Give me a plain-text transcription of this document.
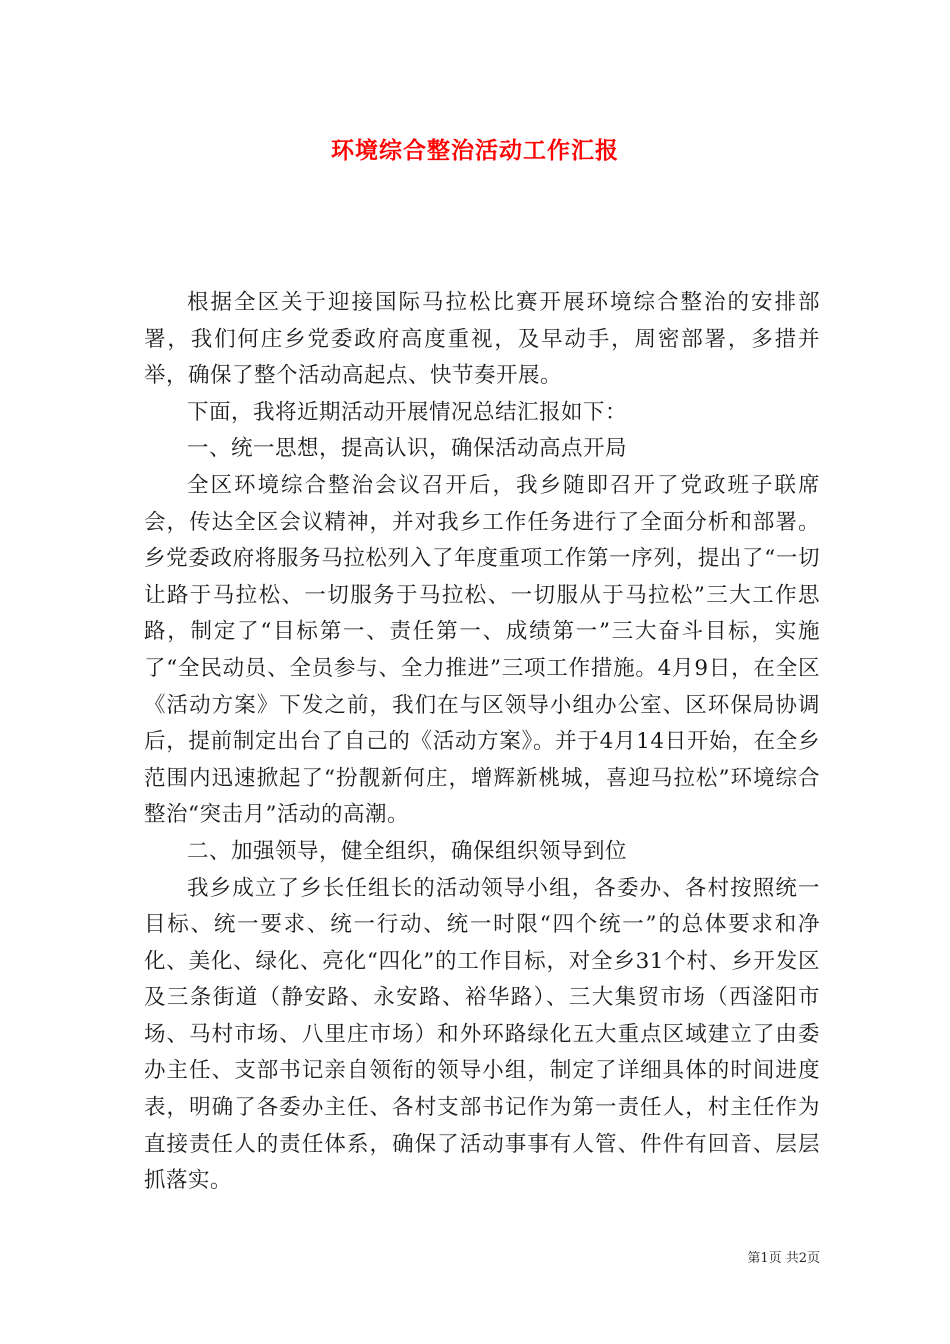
环境综合整治活动工作汇报

根据全区关于迎接国际马拉松比赛开展环境综合整治的安排部署，我们何庄乡党委政府高度重视，及早动手，周密部署，多措并举，确保了整个活动高起点、快节奏开展。

下面，我将近期活动开展情况总结汇报如下：

一、统一思想，提高认识，确保活动高点开局

全区环境综合整治会议召开后，我乡随即召开了党政班子联席会，传达全区会议精神，并对我乡工作任务进行了全面分析和部署。乡党委政府将服务马拉松列入了年度重项工作第一序列，提出了“一切让路于马拉松、一切服务于马拉松、一切服从于马拉松”三大工作思路，制定了“目标第一、责任第一、成绩第一”三大奋斗目标，实施了“全民动员、全员参与、全力推进”三项工作措施。4月9日，在全区《活动方案》下发之前，我们在与区领导小组办公室、区环保局协调后，提前制定出台了自己的《活动方案》。并于4月14日开始，在全乡范围内迅速掀起了“扮靓新何庄，增辉新桃城，喜迎马拉松”环境综合整治“突击月”活动的高潮。

二、加强领导，健全组织，确保组织领导到位

我乡成立了乡长任组长的活动领导小组，各委办、各村按照统一目标、统一要求、统一行动、统一时限“四个统一”的总体要求和净化、美化、绿化、亮化“四化”的工作目标，对全乡31个村、乡开发区及三条街道（静安路、永安路、裕华路）、三大集贸市场（西滏阳市场、马村市场、八里庄市场）和外环路绿化五大重点区域建立了由委办主任、支部书记亲自领衔的领导小组，制定了详细具体的时间进度表，明确了各委办主任、各村支部书记作为第一责任人，村主任作为直接责任人的责任体系，确保了活动事事有人管、件件有回音、层层抓落实。

第1页 共2页
